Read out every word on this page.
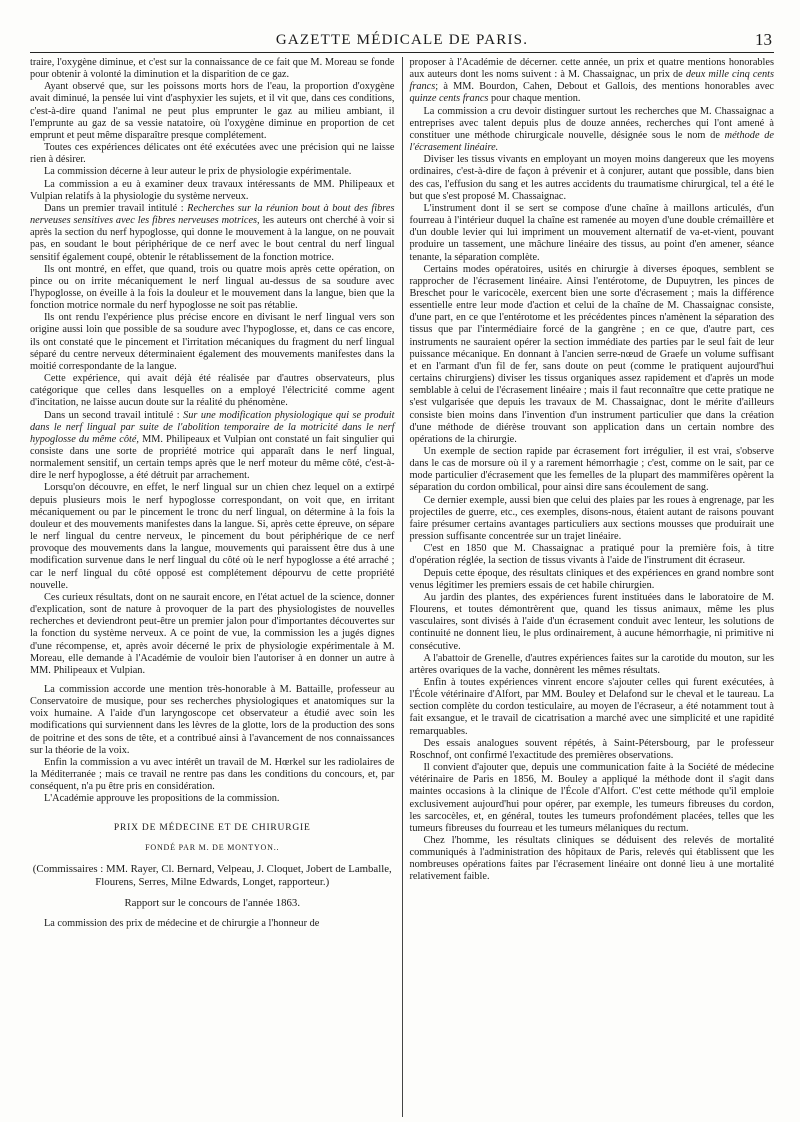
GAZETTE MÉDICALE DE PARIS.	13

traire, l'oxygène diminue, et c'est sur la connaissance de ce fait que M. Moreau se fonde pour obtenir à volonté la diminution et la disparition de ce gaz.

Ayant observé que, sur les poissons morts hors de l'eau, la proportion d'oxygène avait diminué, la pensée lui vint d'asphyxier les sujets, et il vit que, dans ces conditions, c'est-à-dire quand l'animal ne peut plus emprunter le gaz au milieu ambiant, il l'emprunte au gaz de sa vessie natatoire, où l'oxygène diminue en proportion de cet emprunt et peut même disparaître presque complétement.

Toutes ces expériences délicates ont été exécutées avec une précision qui ne laisse rien à désirer.

La commission décerne à leur auteur le prix de physiologie expérimentale.

La commission a eu à examiner deux travaux intéressants de MM. Philipeaux et Vulpian relatifs à la physiologie du système nerveux.

Dans un premier travail intitulé : Recherches sur la réunion bout à bout des fibres nerveuses sensitives avec les fibres nerveuses motrices, les auteurs ont cherché à voir si après la section du nerf hypoglosse, qui donne le mouvement à la langue, on ne pouvait pas, en soudant le bout périphérique de ce nerf avec le bout central du nerf lingual sensitif également coupé, obtenir le rétablissement de la fonction motrice.

Ils ont montré, en effet, que quand, trois ou quatre mois après cette opération, on pince ou on irrite mécaniquement le nerf lingual au-dessus de sa soudure avec l'hypoglosse, on éveille à la fois la douleur et le mouvement dans la langue, bien que la fonction motrice normale du nerf hypoglosse ne soit pas rétablie.

Ils ont rendu l'expérience plus précise encore en divisant le nerf lingual vers son origine aussi loin que possible de sa soudure avec l'hypoglosse, et, dans ce cas encore, ils ont constaté que le pincement et l'irritation mécaniques du fragment du nerf lingual séparé du centre nerveux déterminaient également des mouvements manifestes dans la moitié correspondante de la langue.

Cette expérience, qui avait déjà été réalisée par d'autres observateurs, plus catégorique que celles dans lesquelles on a employé l'électricité comme agent d'incitation, ne laisse aucun doute sur la réalité du phénomène.

Dans un second travail intitulé : Sur une modification physiologique qui se produit dans le nerf lingual par suite de l'abolition temporaire de la motricité dans le nerf hypoglosse du même côté, MM. Philipeaux et Vulpian ont constaté un fait singulier qui consiste dans une sorte de propriété motrice qui apparaît dans le nerf lingual, normalement sensitif, un certain temps après que le nerf moteur du même côté, c'est-à-dire le nerf hypoglosse, a été détruit par arrachement.

Lorsqu'on découvre, en effet, le nerf lingual sur un chien chez lequel on a extirpé depuis plusieurs mois le nerf hypoglosse correspondant, on voit que, en irritant mécaniquement ou par le pincement le tronc du nerf lingual, on détermine à la fois la douleur et des mouvements manifestes dans la langue. Si, après cette épreuve, on sépare le nerf lingual du centre nerveux, le pincement du bout périphérique de ce nerf provoque des mouvements dans la langue, mouvements qui paraissent être dus à une modification survenue dans le nerf lingual du côté où le nerf hypoglosse a été arraché ; car le nerf lingual du côté opposé est complétement dépourvu de cette propriété nouvelle.

Ces curieux résultats, dont on ne saurait encore, en l'état actuel de la science, donner d'explication, sont de nature à provoquer de la part des physiologistes de nouvelles recherches et deviendront peut-être un premier jalon pour d'importantes découvertes sur la fonction du système nerveux. A ce point de vue, la commission les a jugés dignes d'une récompense, et, après avoir décerné le prix de physiologie expérimentale à M. Moreau, elle demande à l'Académie de vouloir bien l'autoriser à en donner un autre à MM. Philipeaux et Vulpian.

La commission accorde une mention très-honorable à M. Battaille, professeur au Conservatoire de musique, pour ses recherches physiologiques et anatomiques sur la voix humaine. A l'aide d'un laryngoscope cet observateur a étudié avec soin les modifications qui surviennent dans les lèvres de la glotte, lors de la production des sons de poitrine et des sons de tête, et a contribué ainsi à l'avancement de nos connaissances sur la théorie de la voix.

Enfin la commission a vu avec intérêt un travail de M. Hœrkel sur les radiolaires de la Méditerranée ; mais ce travail ne rentre pas dans les conditions du concours, et, par conséquent, n'a pu être pris en considération.

L'Académie approuve les propositions de la commission.

PRIX DE MÉDECINE ET DE CHIRURGIE
FONDÉ PAR M. DE MONTYON..
(Commissaires : MM. Rayer, Cl. Bernard, Velpeau, J. Cloquet, Jobert de Lamballe, Flourens, Serres, Milne Edwards, Longet, rapporteur.)
Rapport sur le concours de l'année 1863.

La commission des prix de médecine et de chirurgie a l'honneur de

proposer à l'Académie de décerner. cette année, un prix et quatre mentions honorables aux auteurs dont les noms suivent : à M. Chassaignac, un prix de deux mille cinq cents francs; à MM. Bourdon, Cahen, Debout et Gallois, des mentions honorables avec quinze cents francs pour chaque mention.

La commission a cru devoir distinguer surtout les recherches que M. Chassaignac a entreprises avec talent depuis plus de douze années, recherches qui l'ont amené à constituer une méthode chirurgicale nouvelle, désignée sous le nom de méthode de l'écrasement linéaire.

Diviser les tissus vivants en employant un moyen moins dangereux que les moyens ordinaires, c'est-à-dire de façon à prévenir et à conjurer, autant que possible, dans bien des cas, l'effusion du sang et les autres accidents du traumatisme chirurgical, tel a été le but que s'est proposé M. Chassaignac.

L'instrument dont il se sert se compose d'une chaîne à maillons articulés, d'un fourreau à l'intérieur duquel la chaîne est ramenée au moyen d'une double crémaillère et d'un double levier qui lui impriment un mouvement alternatif de va-et-vient, pouvant produire un tassement, une mâchure linéaire des tissus, au point d'en amener, séance tenante, la séparation complète.

Certains modes opératoires, usités en chirurgie à diverses époques, semblent se rapprocher de l'écrasement linéaire. Ainsi l'entérotome, de Dupuytren, les pinces de Breschet pour le varicocèle, exercent bien une sorte d'écrasement ; mais la différence essentielle entre leur mode d'action et celui de la chaîne de M. Chassaignac consiste, d'une part, en ce que l'entérotome et les précédentes pinces n'amènent la séparation des tissus que par l'intermédiaire forcé de la gangrène ; en ce que, d'autre part, ces instruments ne sauraient opérer la section immédiate des parties par le seul fait de leur puissance mécanique. En donnant à l'ancien serre-nœud de Graefe un volume suffisant et en l'armant d'un fil de fer, sans doute on peut (comme le pratiquent aujourd'hui certains chirurgiens) diviser les tissus organiques assez rapidement et d'après un mode semblable à celui de l'écrasement linéaire ; mais il faut reconnaître que cette pratique ne s'est vulgarisée que depuis les travaux de M. Chassaignac, dont le mérite d'ailleurs consiste bien moins dans l'invention d'un instrument particulier que dans la création d'une méthode de diérèse trouvant son application dans un certain nombre des opérations de la chirurgie.

Un exemple de section rapide par écrasement fort irrégulier, il est vrai, s'observe dans le cas de morsure où il y a rarement hémorrhagie ; c'est, comme on le sait, par ce mode particulier d'écrasement que les femelles de la plupart des mammifères opèrent la séparation du cordon ombilical, pour ainsi dire sans écoulement de sang.

Ce dernier exemple, aussi bien que celui des plaies par les roues à engrenage, par les projectiles de guerre, etc., ces exemples, disons-nous, étaient autant de raisons pouvant faire présumer certains avantages particuliers aux sections mousses que produirait une pression suffisante concentrée sur un trajet linéaire.

C'est en 1850 que M. Chassaignac a pratiqué pour la première fois, à titre d'opération réglée, la section de tissus vivants à l'aide de l'instrument dit écraseur.

Depuis cette époque, des résultats cliniques et des expériences en grand nombre sont venus légitimer les premiers essais de cet habile chirurgien.

Au jardin des plantes, des expériences furent instituées dans le laboratoire de M. Flourens, et toutes démontrèrent que, quand les tissus animaux, même les plus vasculaires, sont divisés à l'aide d'un écrasement conduit avec lenteur, les solutions de continuité ne donnent lieu, le plus ordinairement, à aucune hémorrhagie, ni primitive ni consécutive.

A l'abattoir de Grenelle, d'autres expériences faites sur la carotide du mouton, sur les artères ovariques de la vache, donnèrent les mêmes résultats.

Enfin à toutes expériences vinrent encore s'ajouter celles qui furent exécutées, à l'École vétérinaire d'Alfort, par MM. Bouley et Delafond sur le cheval et le taureau. La section complète du cordon testiculaire, au moyen de l'écraseur, a été notamment tout à fait exsangue, et le travail de cicatrisation a marché avec une simplicité et une rapidité remarquables.

Des essais analogues souvent répétés, à Saint-Pétersbourg, par le professeur Roschnof, ont confirmé l'exactitude des premières observations.

Il convient d'ajouter que, depuis une communication faite à la Société de médecine vétérinaire de Paris en 1856, M. Bouley a appliqué la méthode dont il s'agit dans maintes occasions à la clinique de l'École d'Alfort. C'est cette méthode qu'il emploie exclusivement aujourd'hui pour opérer, par exemple, les tumeurs fibreuses du cordon, les sarcocèles, et, en général, toutes les tumeurs profondément placées, telles que les tumeurs fibreuses du fourreau et les tumeurs mélaniques du rectum.

Chez l'homme, les résultats cliniques se déduisent des relevés de mortalité communiqués à l'administration des hôpitaux de Paris, relevés qui établissent que les nombreuses opérations faites par l'écrasement linéaire ont donné lieu à une mortalité relativement faible.
